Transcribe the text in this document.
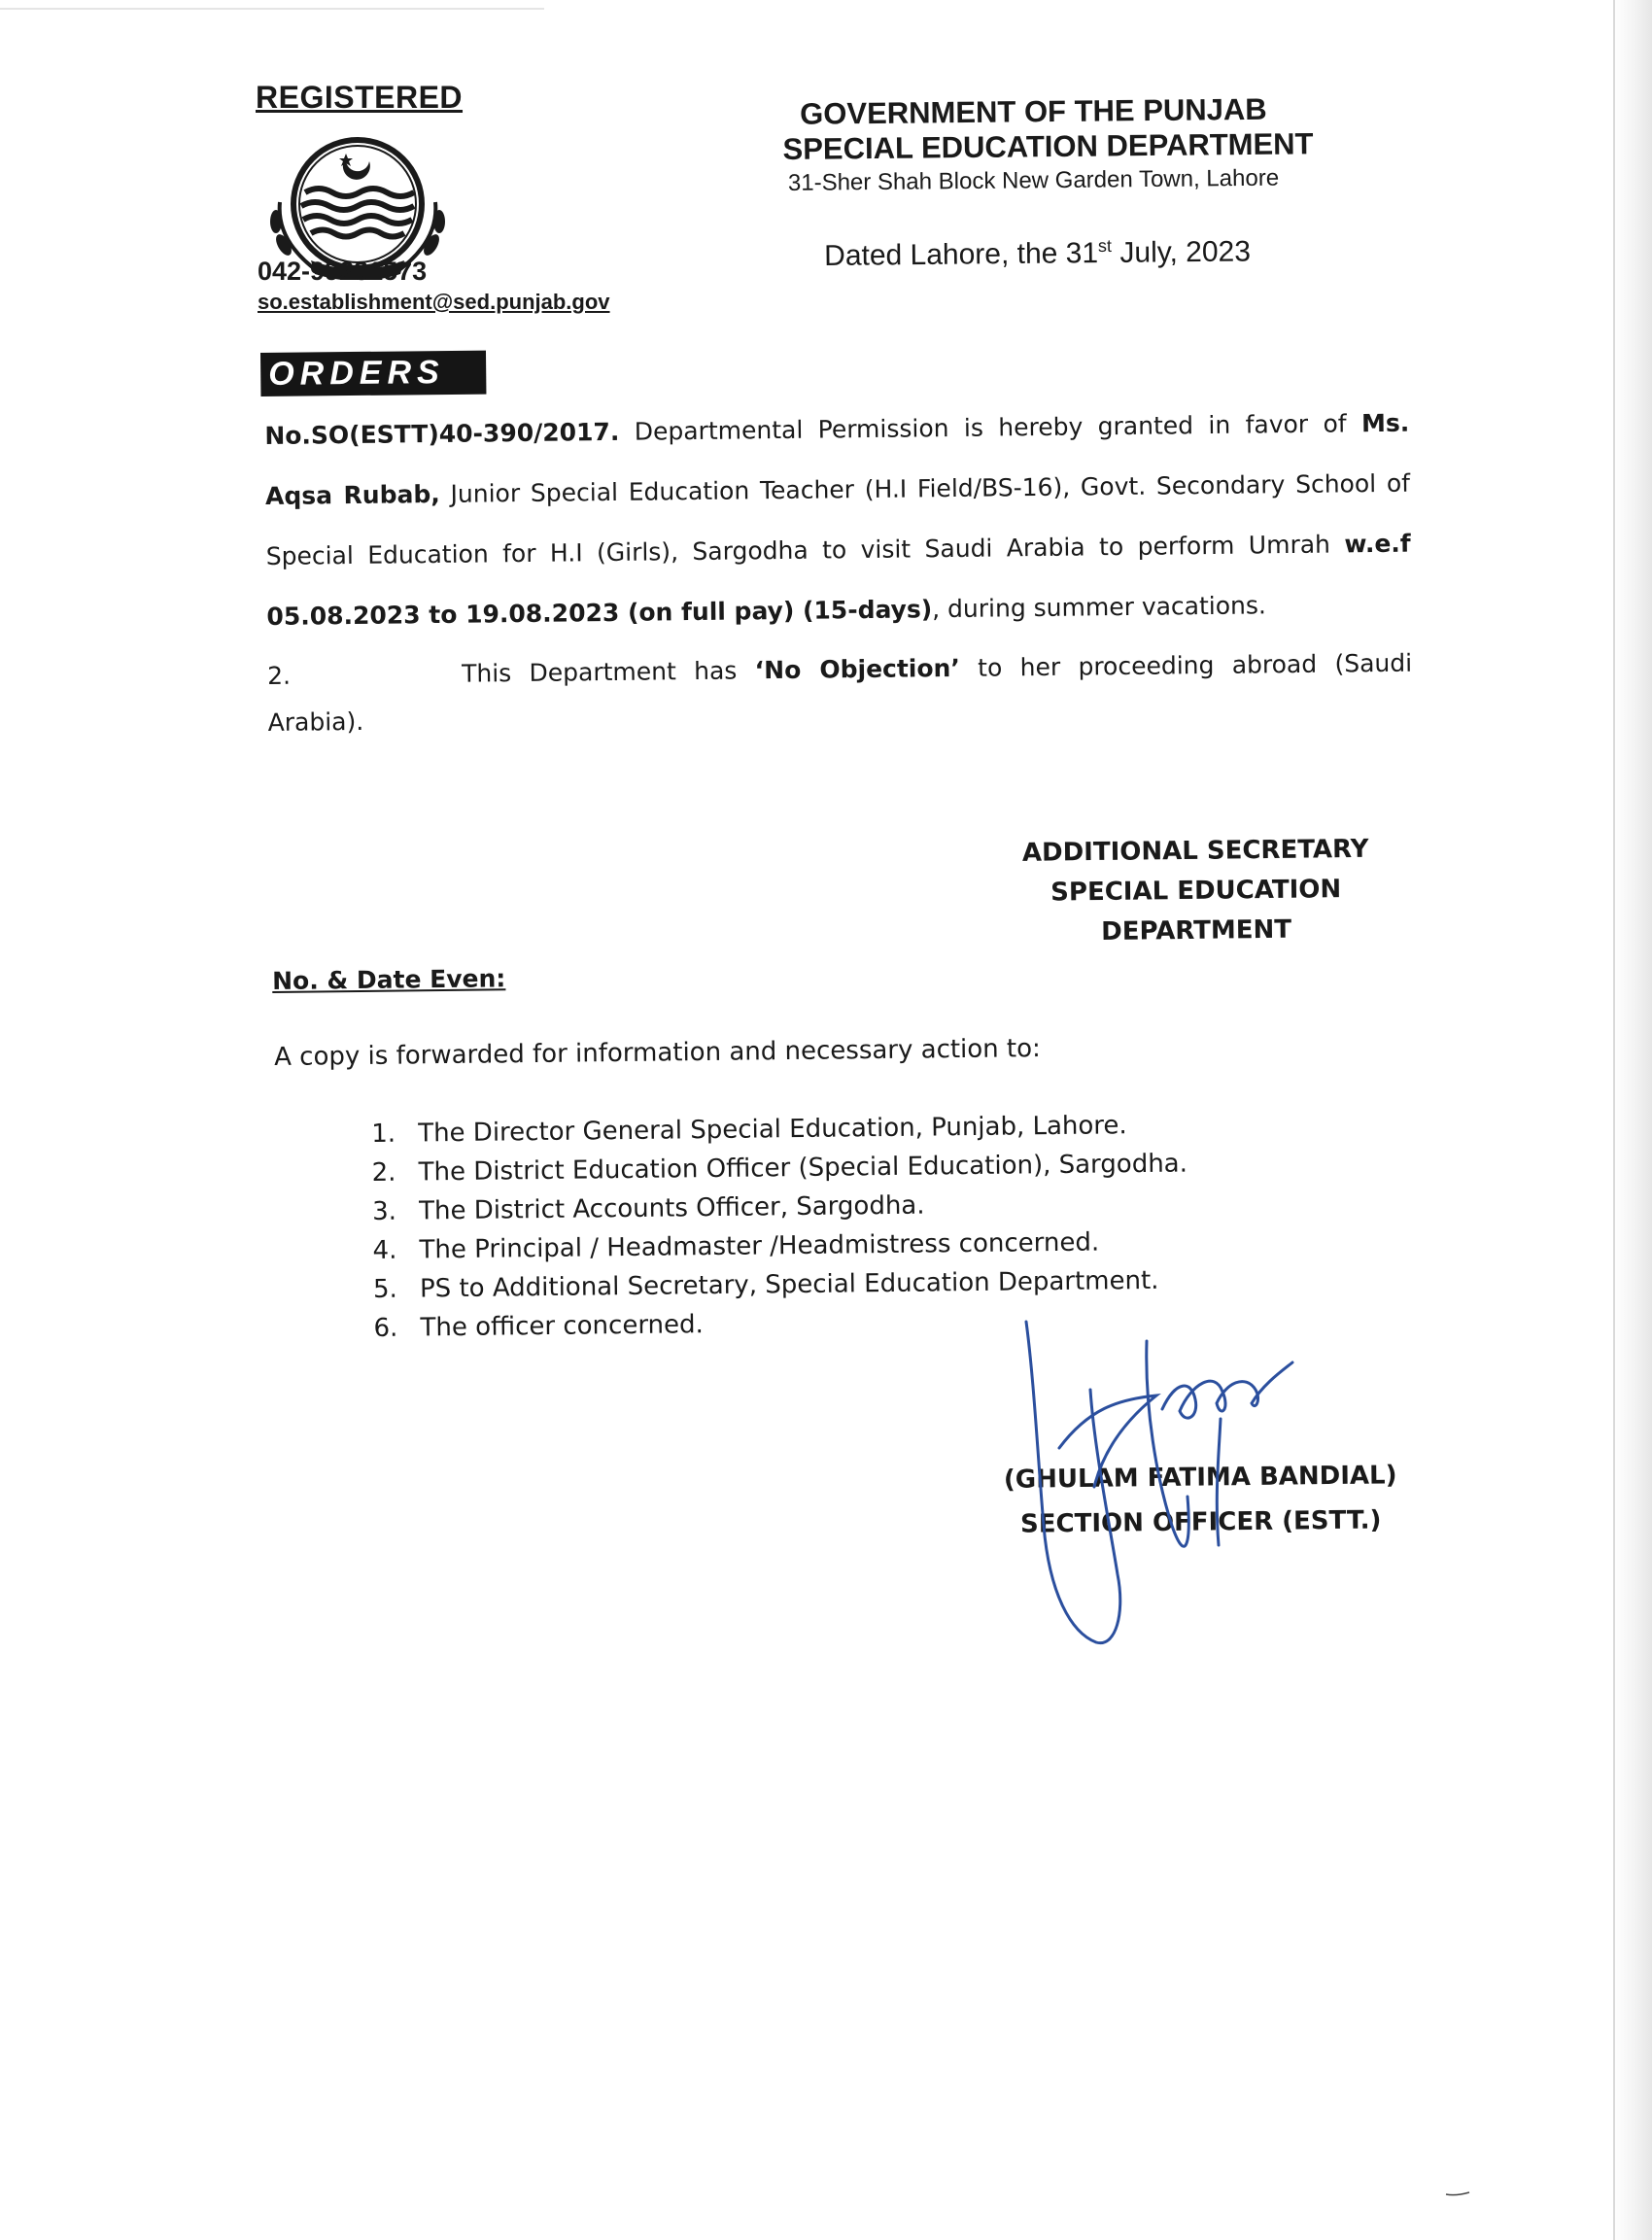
REGISTERED
042-99231573
so.establishment@sed.punjab.gov
GOVERNMENT OF THE PUNJAB
SPECIAL EDUCATION DEPARTMENT
31-Sher Shah Block New Garden Town, Lahore
Dated Lahore, the 31st July, 2023
ORDERS

No.SO(ESTT)40-390/2017. Departmental Permission is hereby granted in favor of Ms. Aqsa Rubab, Junior Special Education Teacher (H.I Field/BS-16), Govt. Secondary School of Special Education for H.I (Girls), Sargodha to visit Saudi Arabia to perform Umrah w.e.f 05.08.2023 to 19.08.2023 (on full pay) (15-days), during summer vacations.

2.	This Department has ‘No Objection’ to her proceeding abroad (Saudi Arabia).

ADDITIONAL SECRETARY
SPECIAL EDUCATION
DEPARTMENT
No. & Date Even:
A copy is forwarded for information and necessary action to:
1. The Director General Special Education, Punjab, Lahore.
2. The District Education Officer (Special Education), Sargodha.
3. The District Accounts Officer, Sargodha.
4. The Principal / Headmaster /Headmistress concerned.
5. PS to Additional Secretary, Special Education Department.
6. The officer concerned.
(GHULAM FATIMA BANDIAL)
SECTION OFFICER (ESTT.)
